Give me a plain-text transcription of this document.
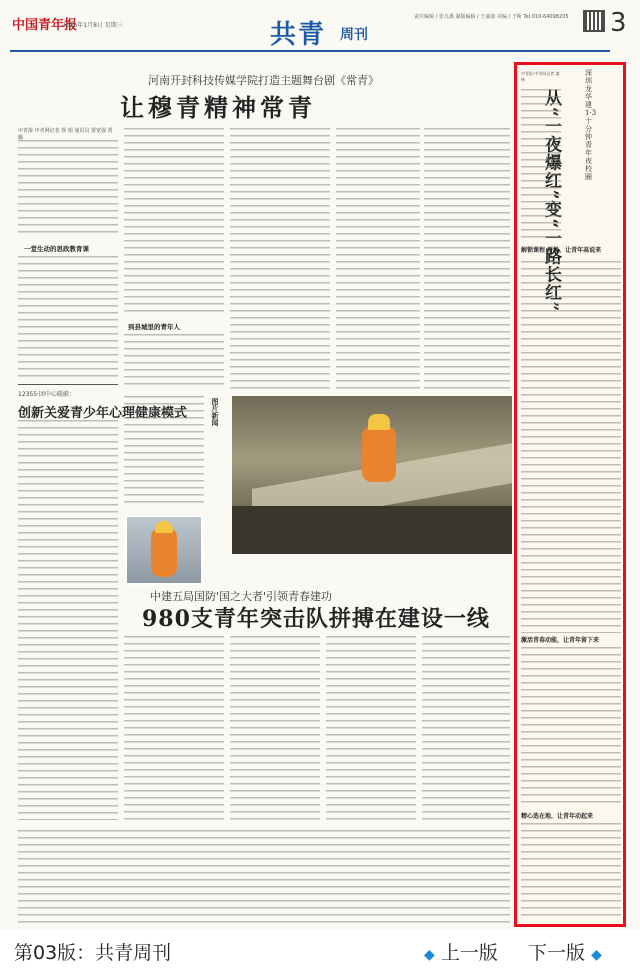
中国青年报
2025年1月8日 星期三	共青 周刊
责任编辑 / 张凡溪 制版编辑 / 王丽波 美编 / 王斯 Tel:010-64098205	3
河南开封科技传媒学院打造主题舞台剧《常青》
让穆青精神常青
中青报·中青网记者 徐 娟 通讯员 贾宽强 贾 璐
一堂生动的思政教育课
到县城里的青年人
12355·团中心暖蔚：
创新关爱青少年心理健康模式	图片新闻
中建五局国防'国之大者'引领青春建功
980支青年突击队拼搏在建设一线
深圳龙华建1·3十分钟青年夜校圈
从“一夜爆红”变“一路长红”
中青报·中青网记者 翁 杨
解锁课程 晋级，让青年高说来
激活青春动能，让青年留下来
精心选在地，让青年动起来
第03版：共青周刊	◆ 上一版 下一版 ◆
